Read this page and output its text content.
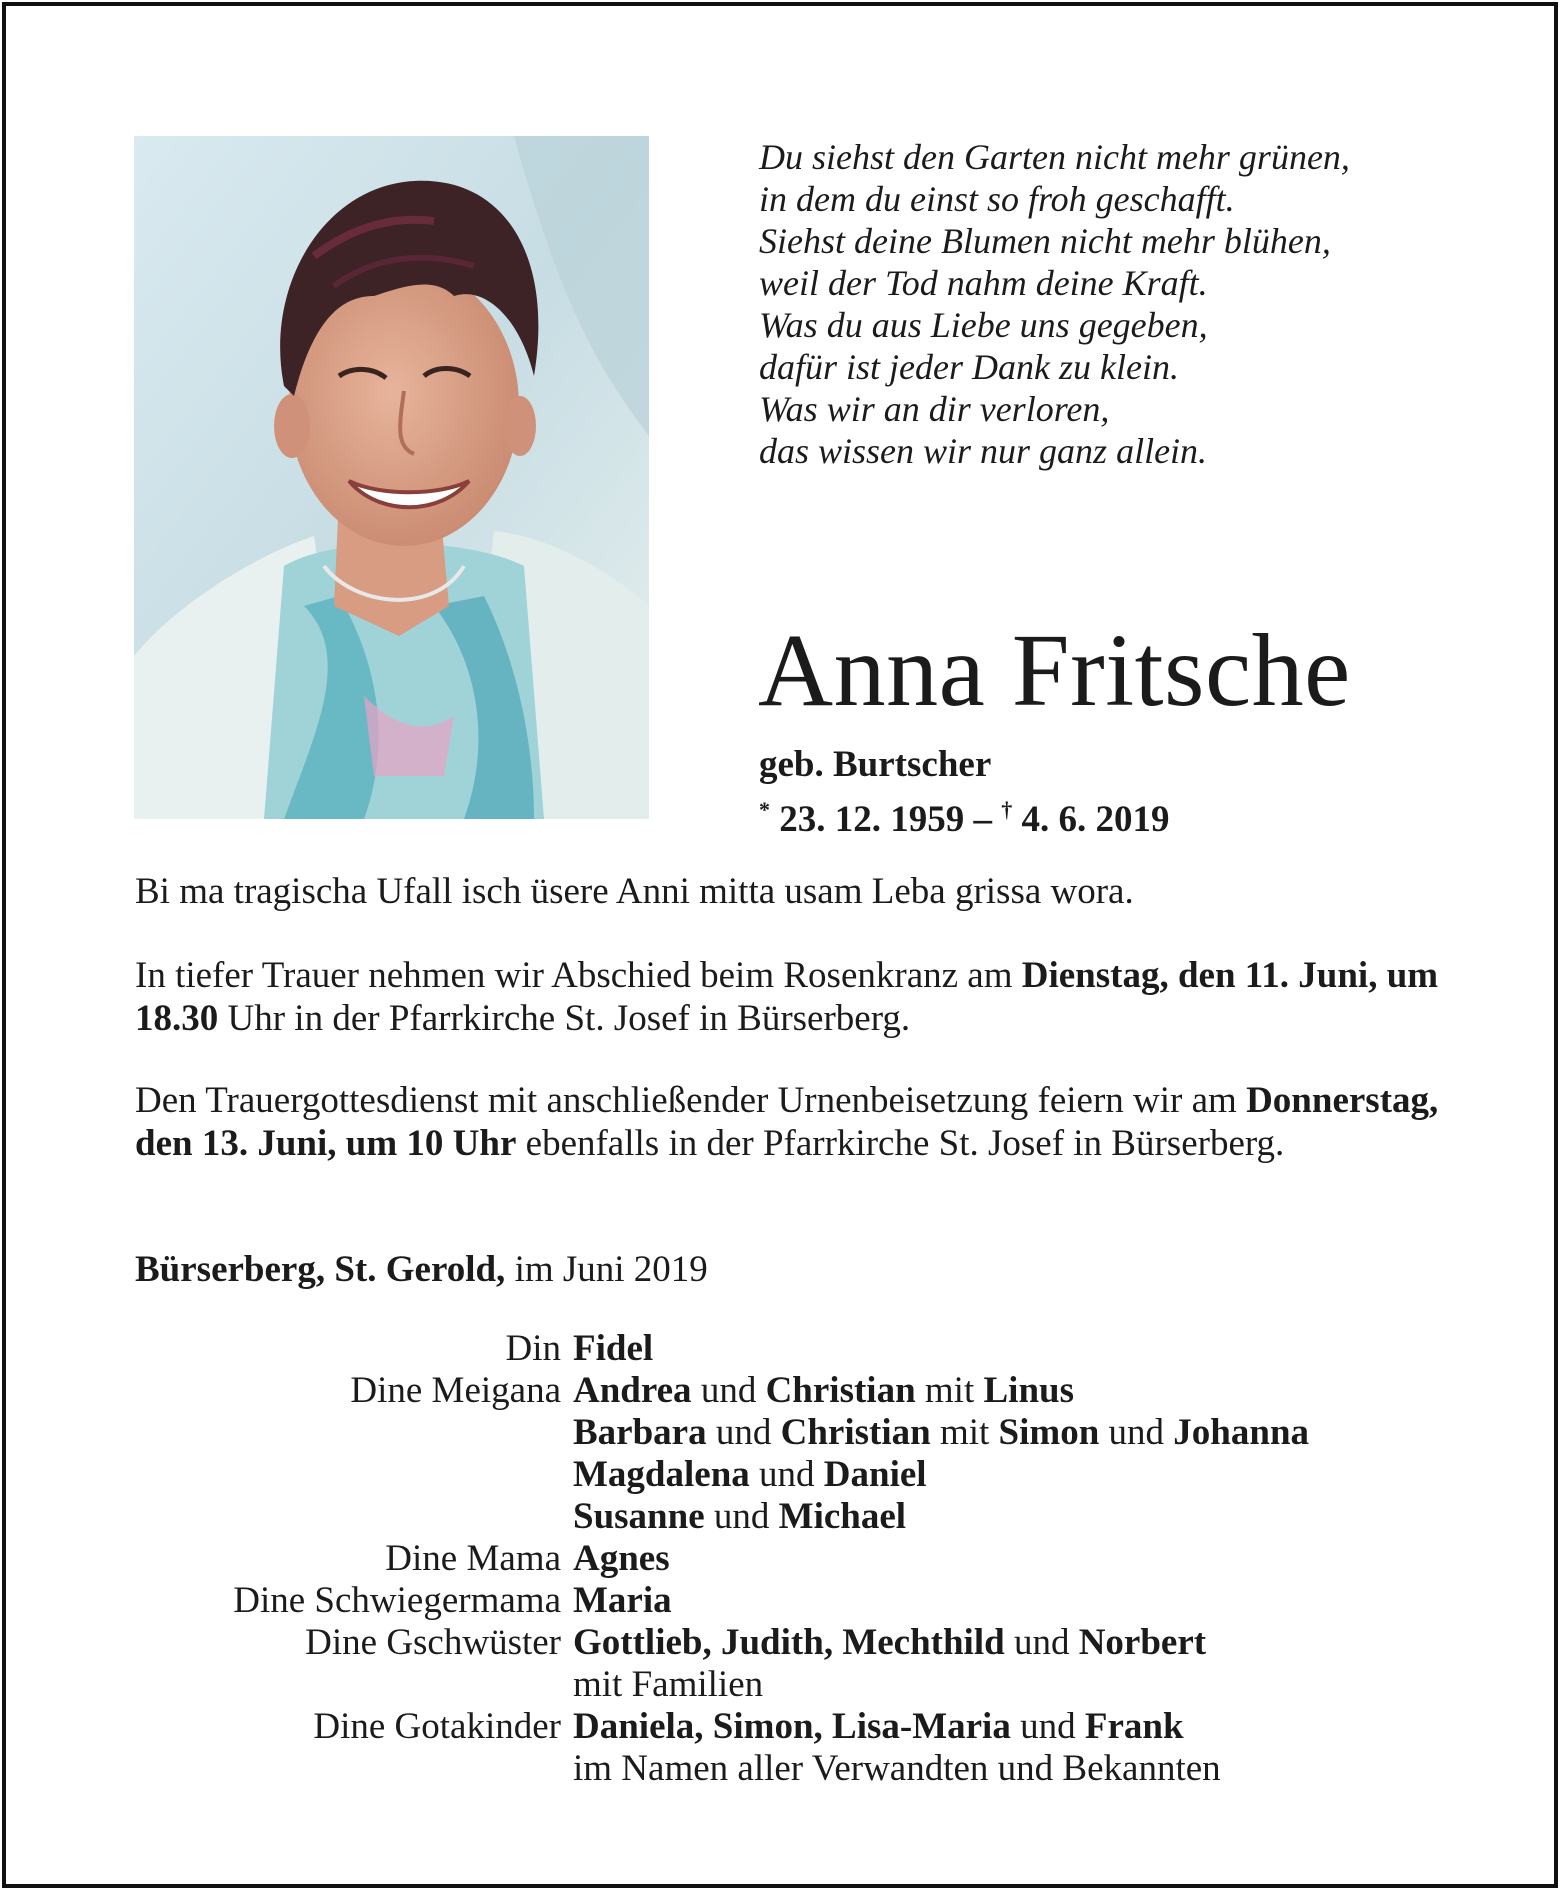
Du siehst den Garten nicht mehr grünen,
in dem du einst so froh geschafft.
Siehst deine Blumen nicht mehr blühen,
weil der Tod nahm deine Kraft.
Was du aus Liebe uns gegeben,
dafür ist jeder Dank zu klein.
Was wir an dir verloren,
das wissen wir nur ganz allein.
Anna Fritsche
geb. Burtscher
* 23. 12. 1959 – † 4. 6. 2019

Bi ma tragischa Ufall isch üsere Anni mitta usam Leba grissa wora.

In tiefer Trauer nehmen wir Abschied beim Rosenkranz am Dienstag, den 11. Juni, um 18.30 Uhr in der Pfarrkirche St. Josef in Bürserberg.

Den Trauergottesdienst mit anschließender Urnenbeisetzung feiern wir am Donnerstag, den 13. Juni, um 10 Uhr ebenfalls in der Pfarrkirche St. Josef in Bürserberg.

Bürserberg, St. Gerold, im Juni 2019

Din Fidel
Dine Meigana Andrea und Christian mit Linus
Barbara und Christian mit Simon und Johanna
Magdalena und Daniel
Susanne und Michael
Dine Mama Agnes
Dine Schwiegermama Maria
Dine Gschwüster Gottlieb, Judith, Mechthild und Norbert
mit Familien
Dine Gotakinder Daniela, Simon, Lisa-Maria und Frank
im Namen aller Verwandten und Bekannten
